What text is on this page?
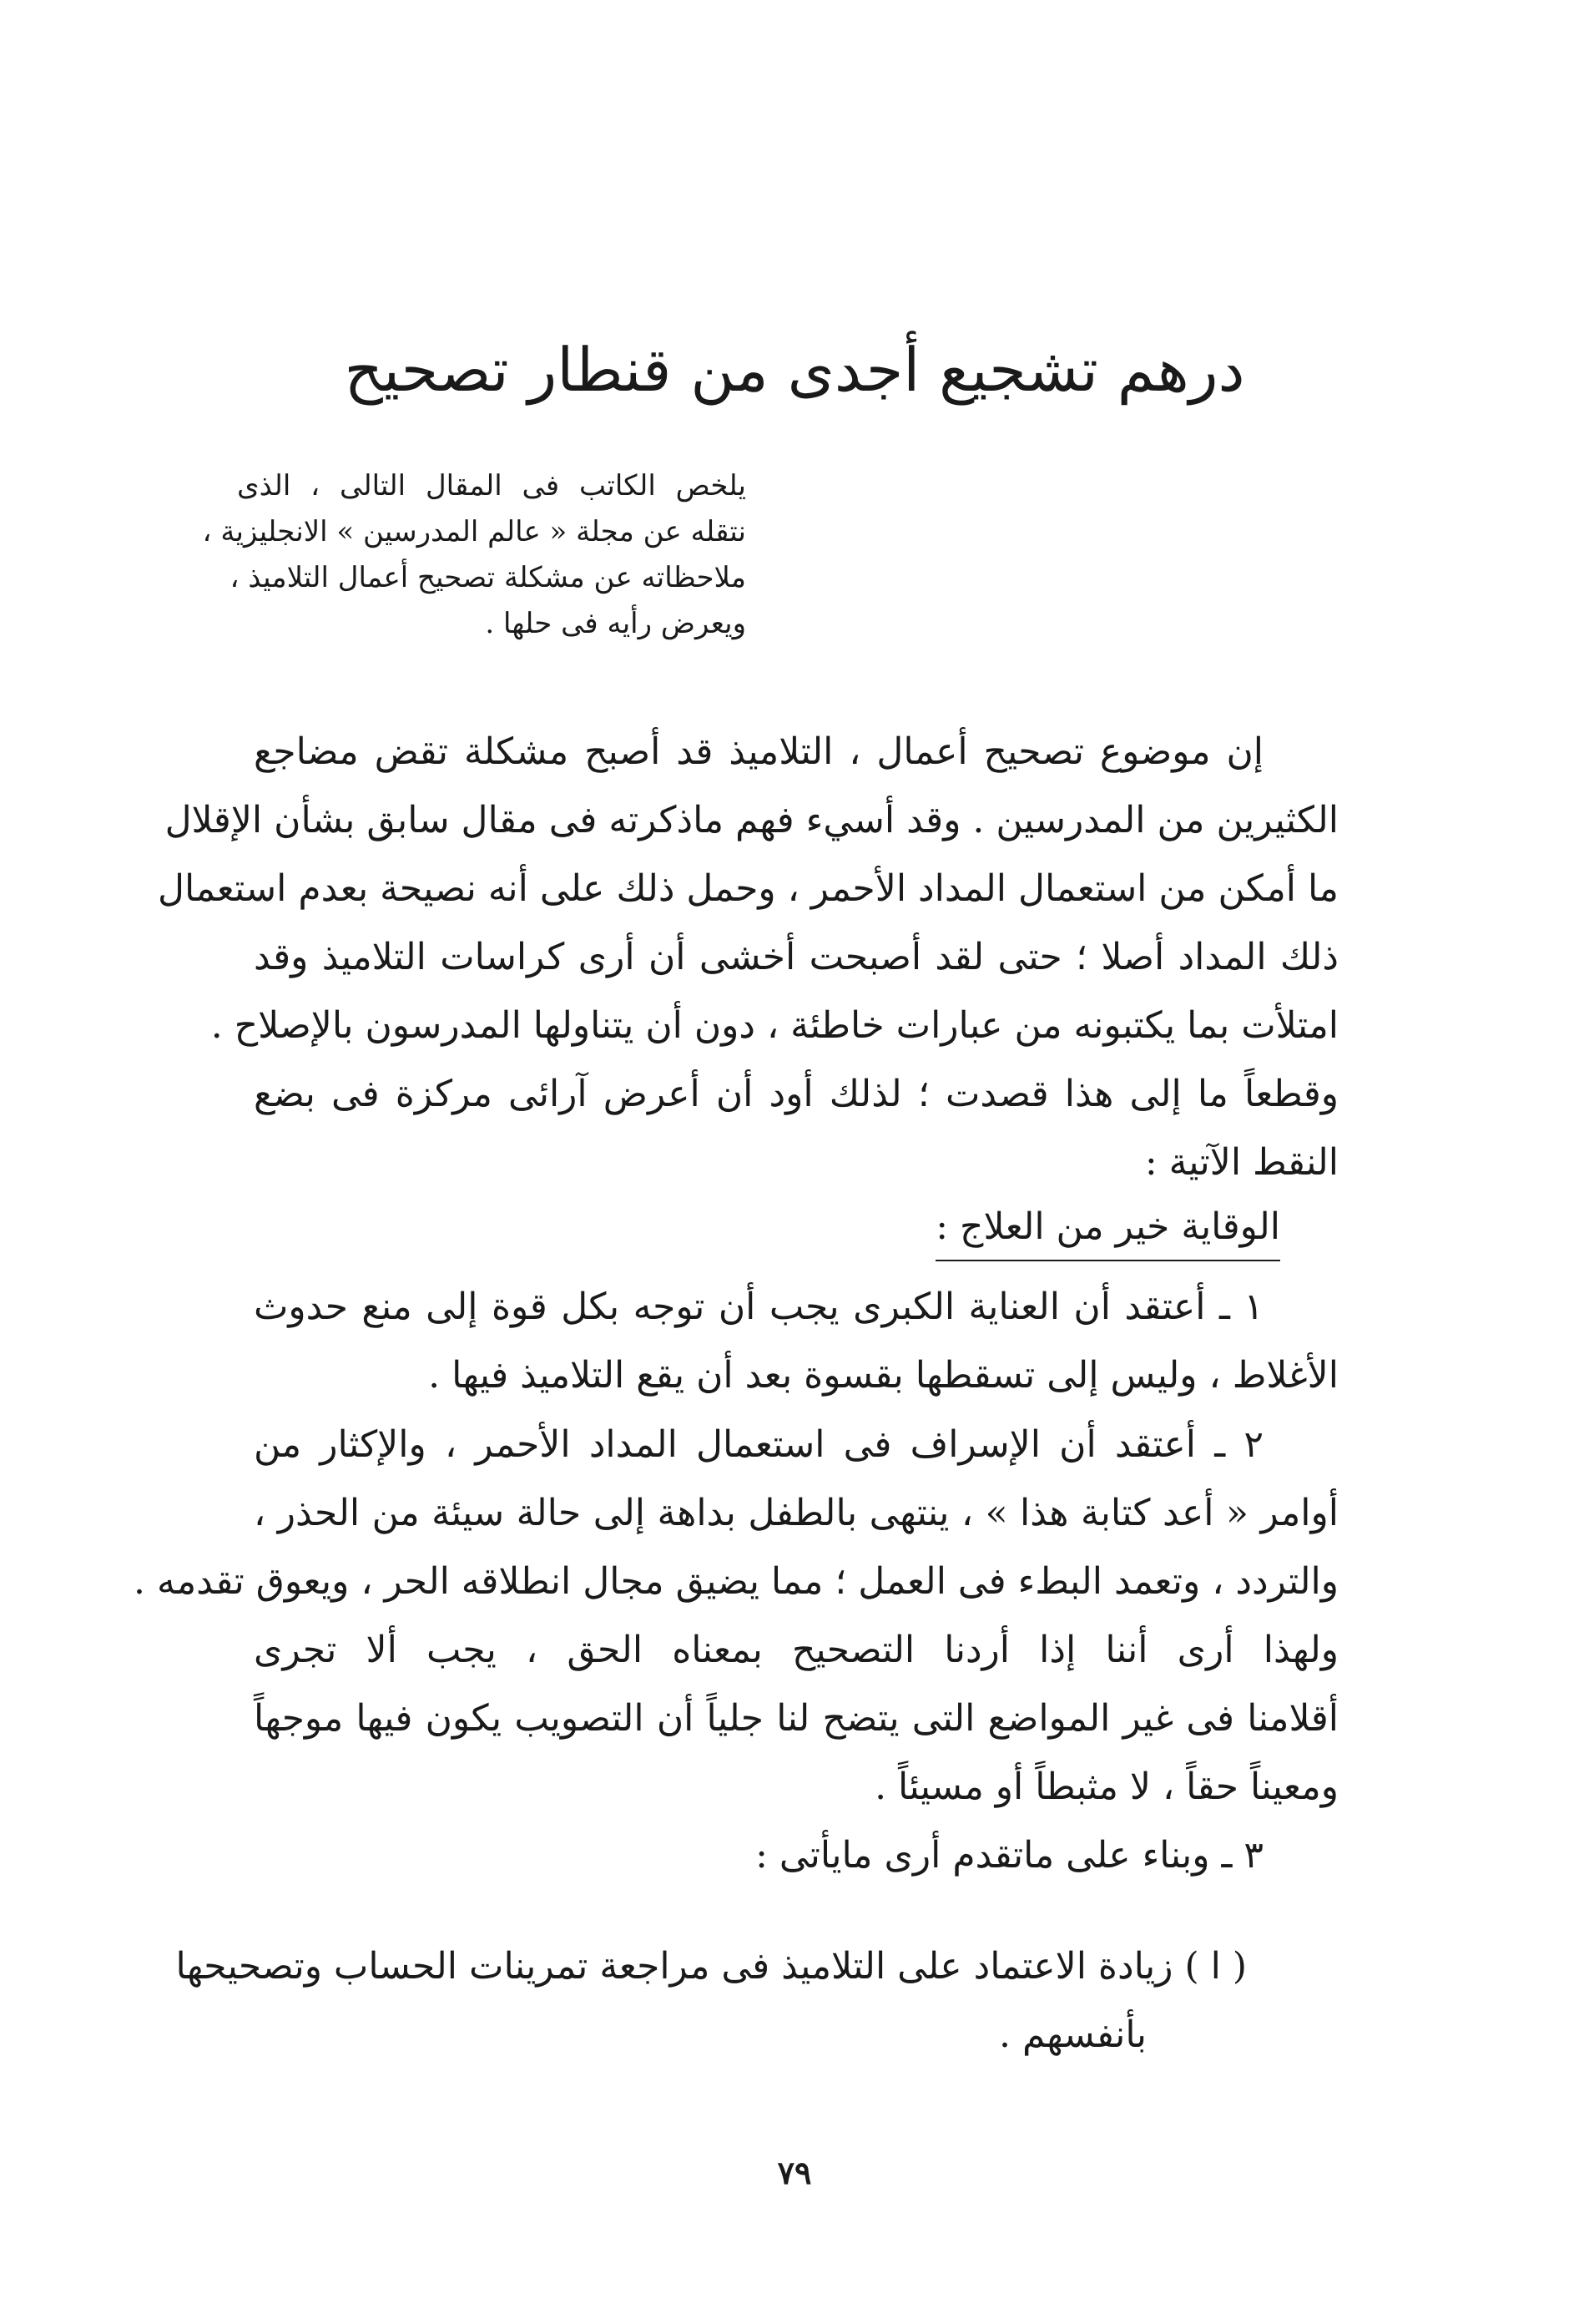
درهم تشجيع أجدى من قنطار تصحيح
يلخص الكاتب فى المقال التالى ، الذى
نتقله عن مجلة « عالم المدرسين » الانجليزية ،
ملاحظاته عن مشكلة تصحيح أعمال التلاميذ ،
ويعرض رأيه فى حلها .

إن موضوع تصحيح أعمال ، التلاميذ قد أصبح مشكلة تقض مضاجع
الكثيرين من المدرسين . وقد أسيء فهم ماذكرته فى مقال سابق بشأن الإقلال
ما أمكن من استعمال المداد الأحمر ، وحمل ذلك على أنه نصيحة بعدم استعمال
ذلك المداد أصلا ؛ حتى لقد أصبحت أخشى أن أرى كراسات التلاميذ وقد
امتلأت بما يكتبونه من عبارات خاطئة ، دون أن يتناولها المدرسون بالإصلاح .
وقطعاً ما إلى هذا قصدت ؛ لذلك أود أن أعرض آرائى مركزة فى بضع
النقط الآتية :

الوقاية خير من العلاج :

١ ـ أعتقد أن العناية الكبرى يجب أن توجه بكل قوة إلى منع حدوث
الأغلاط ، وليس إلى تسقطها بقسوة بعد أن يقع التلاميذ فيها .

٢ ـ أعتقد أن الإسراف فى استعمال المداد الأحمر ، والإكثار من
أوامر « أعد كتابة هذا » ، ينتهى بالطفل بداهة إلى حالة سيئة من الحذر ،
والتردد ، وتعمد البطء فى العمل ؛ مما يضيق مجال انطلاقه الحر ، ويعوق تقدمه .
ولهذا أرى أننا إذا أردنا التصحيح بمعناه الحق ، يجب ألا تجرى
أقلامنا فى غير المواضع التى يتضح لنا جلياً أن التصويب يكون فيها موجهاً
ومعيناً حقاً ، لا مثبطاً أو مسيئاً .
٣ ـ وبناء على ماتقدم أرى مايأتى :

( ا ) زيادة الاعتماد على التلاميذ فى مراجعة تمرينات الحساب وتصحيحها
بأنفسهم .

٧٩
